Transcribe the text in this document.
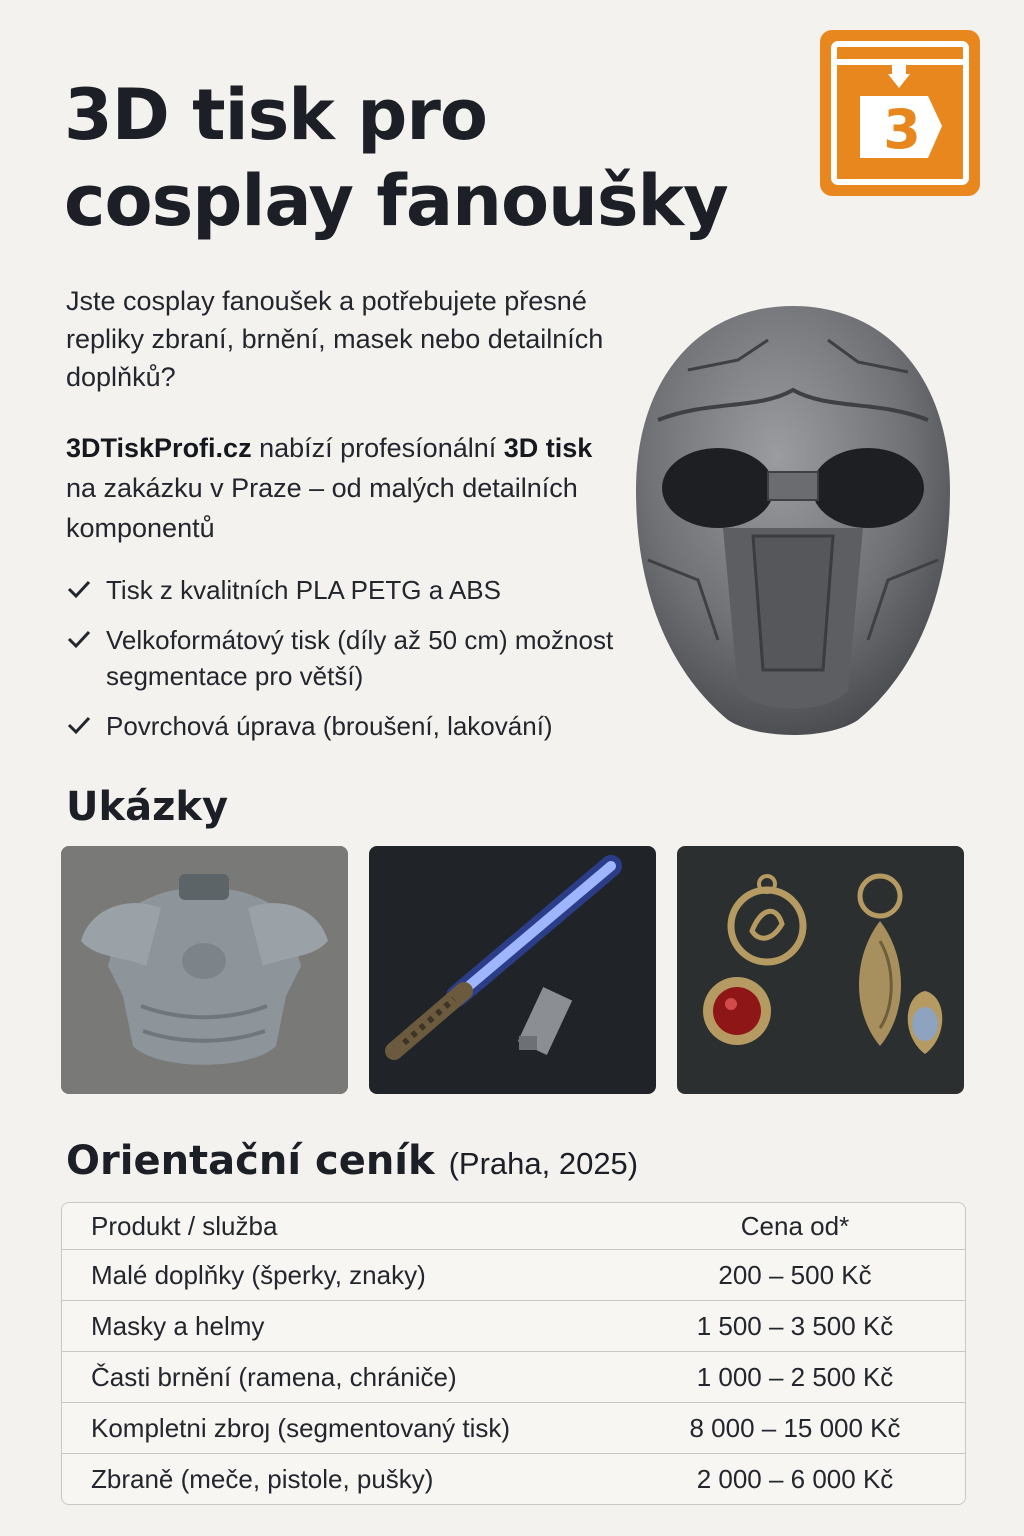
3D tisk pro
cosplay fanoušky
3

Jste cosplay fanoušek a potřebujete přesné repliky zbraní, brnění, masek nebo detailních doplňků?

3DTiskProfi.cz nabízí profesíonální 3D tisk na zakázku v Praze – od malých detailních komponentů

Tisk z kvalitních PLA PETG a ABS
Velkoformátový tisk (díly až 50 cm) možnost segmentace pro větší)
Povrchová úprava (broušení, lakování)
Ukázky
Orientační ceník (Praha, 2025)
Produkt / služba	Cena od*
Malé doplňky (šperky, znaky)	200 – 500 Kč
Masky a helmy	1 500 – 3 500 Kč
Časti brnění (ramena, chrániče)	1 000 – 2 500 Kč
Kompletni zbroȷ (segmentovaný tisk)	8 000 – 15 000 Kč
Zbraně (meče, pistole, pušky)	2 000 – 6 000 Kč
